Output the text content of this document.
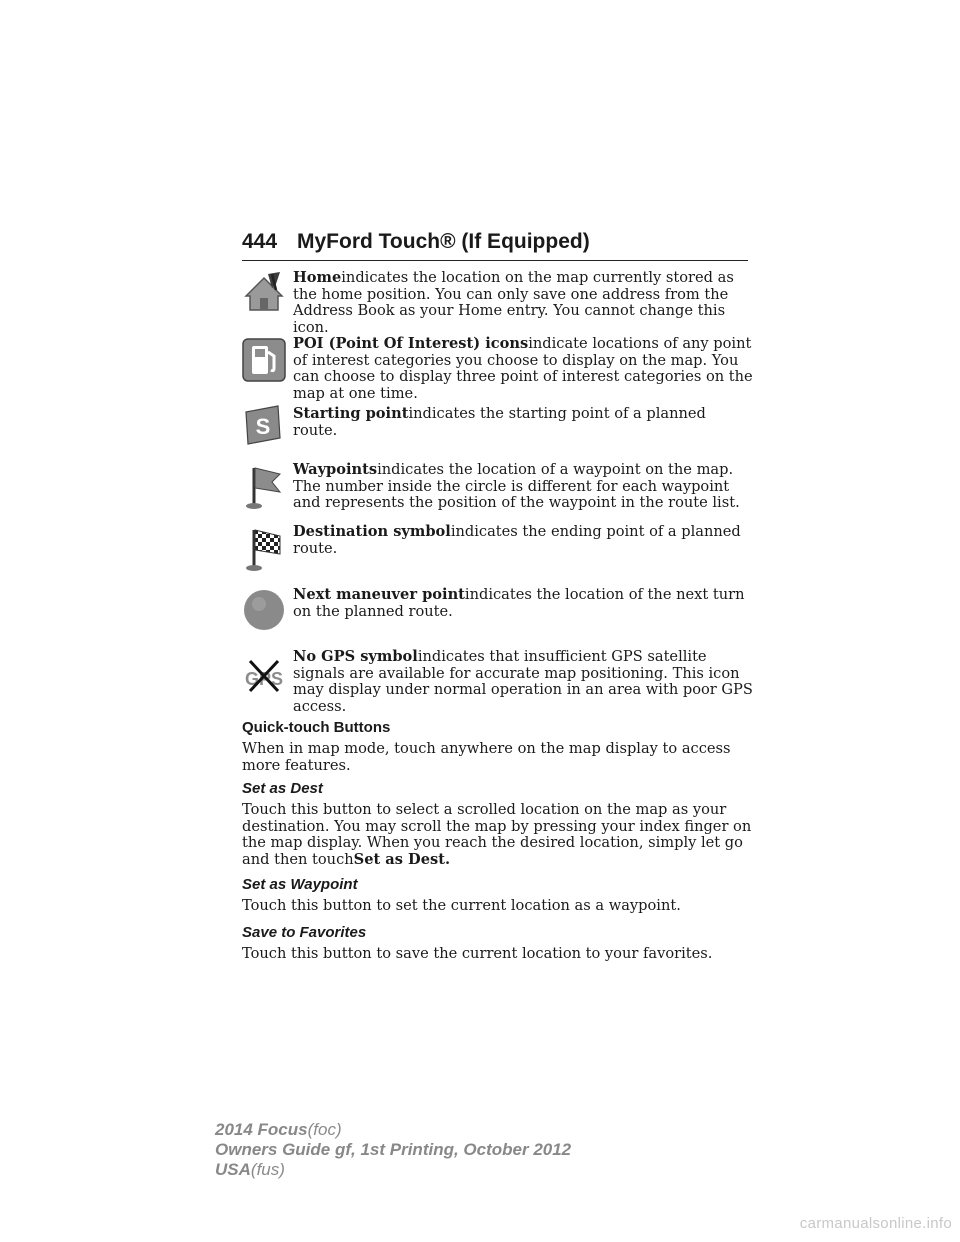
444 MyFord Touch® (If Equipped)
Homeindicates the location on the map currently stored as the home position. You can only save one address from the Address Book as your Home entry. You cannot change this icon.
POI (Point Of Interest) iconsindicate locations of any point of interest categories you choose to display on the map. You can choose to display three point of interest categories on the map at one time.
S
Starting pointindicates the starting point of a planned route.
Waypointsindicates the location of a waypoint on the map. The number inside the circle is different for each waypoint and represents the position of the waypoint in the route list.
Destination symbolindicates the ending point of a planned route.
Next maneuver pointindicates the location of the next turn on the planned route.
GPS
No GPS symbolindicates that insufficient GPS satellite signals are available for accurate map positioning. This icon may display under normal operation in an area with poor GPS access.
Quick-touch Buttons
When in map mode, touch anywhere on the map display to access more features.
Set as Dest
Touch this button to select a scrolled location on the map as your destination. You may scroll the map by pressing your index finger on the map display. When you reach the desired location, simply let go and then touchSet as Dest.
Set as Waypoint
Touch this button to set the current location as a waypoint.
Save to Favorites
Touch this button to save the current location to your favorites.
2014 Focus(foc)
Owners Guide gf, 1st Printing, October 2012
USA(fus)
carmanualsonline.info
